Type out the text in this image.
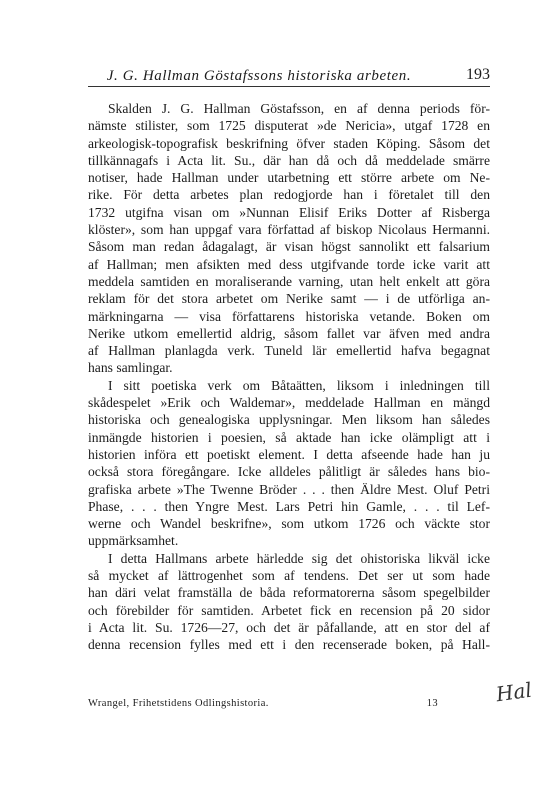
J. G. Hallman Göstafssons historiska arbeten.	193
Skalden J. G. Hallman Göstafsson, en af denna periods för-
nämste stilister, som 1725 disputerat »de Nericia», utgaf 1728 en
arkeologisk-topografisk beskrifning öfver staden Köping. Såsom det
tillkännagafs i Acta lit. Su., där han då och då meddelade smärre
notiser, hade Hallman under utarbetning ett större arbete om Ne-
rike. För detta arbetes plan redogjorde han i företalet till den
1732 utgifna visan om »Nunnan Elisif Eriks Dotter af Risberga
klöster», som han uppgaf vara författad af biskop Nicolaus Hermanni.
Såsom man redan ådagalagt, är visan högst sannolikt ett falsarium
af Hallman; men afsikten med dess utgifvande torde icke varit att
meddela samtiden en moraliserande varning, utan helt enkelt att göra
reklam för det stora arbetet om Nerike samt — i de utförliga an-
märkningarna — visa författarens historiska vetande. Boken om
Nerike utkom emellertid aldrig, såsom fallet var äfven med andra
af Hallman planlagda verk. Tuneld lär emellertid hafva begagnat
hans samlingar.
I sitt poetiska verk om Båtaätten, liksom i inledningen till
skådespelet »Erik och Waldemar», meddelade Hallman en mängd
historiska och genealogiska upplysningar. Men liksom han således
inmängde historien i poesien, så aktade han icke olämpligt att i
historien införa ett poetiskt element. I detta afseende hade han ju
också stora föregångare. Icke alldeles pålitligt är således hans bio-
grafiska arbete »The Twenne Bröder . . . then Äldre Mest. Oluf Petri
Phase, . . . then Yngre Mest. Lars Petri hin Gamle, . . . til Lef-
werne och Wandel beskrifne», som utkom 1726 och väckte stor
uppmärksamhet.
I detta Hallmans arbete härledde sig det ohistoriska likväl icke
så mycket af lättrogenhet som af tendens. Det ser ut som hade
han däri velat framställa de båda reformatorerna såsom spegelbilder
och förebilder för samtiden. Arbetet fick en recension på 20 sidor
i Acta lit. Su. 1726—27, och det är påfallande, att en stor del af
denna recension fylles med ett i den recenserade boken, på Hall-
Wrangel, Frihetstidens Odlingshistoria.	13	Hal
